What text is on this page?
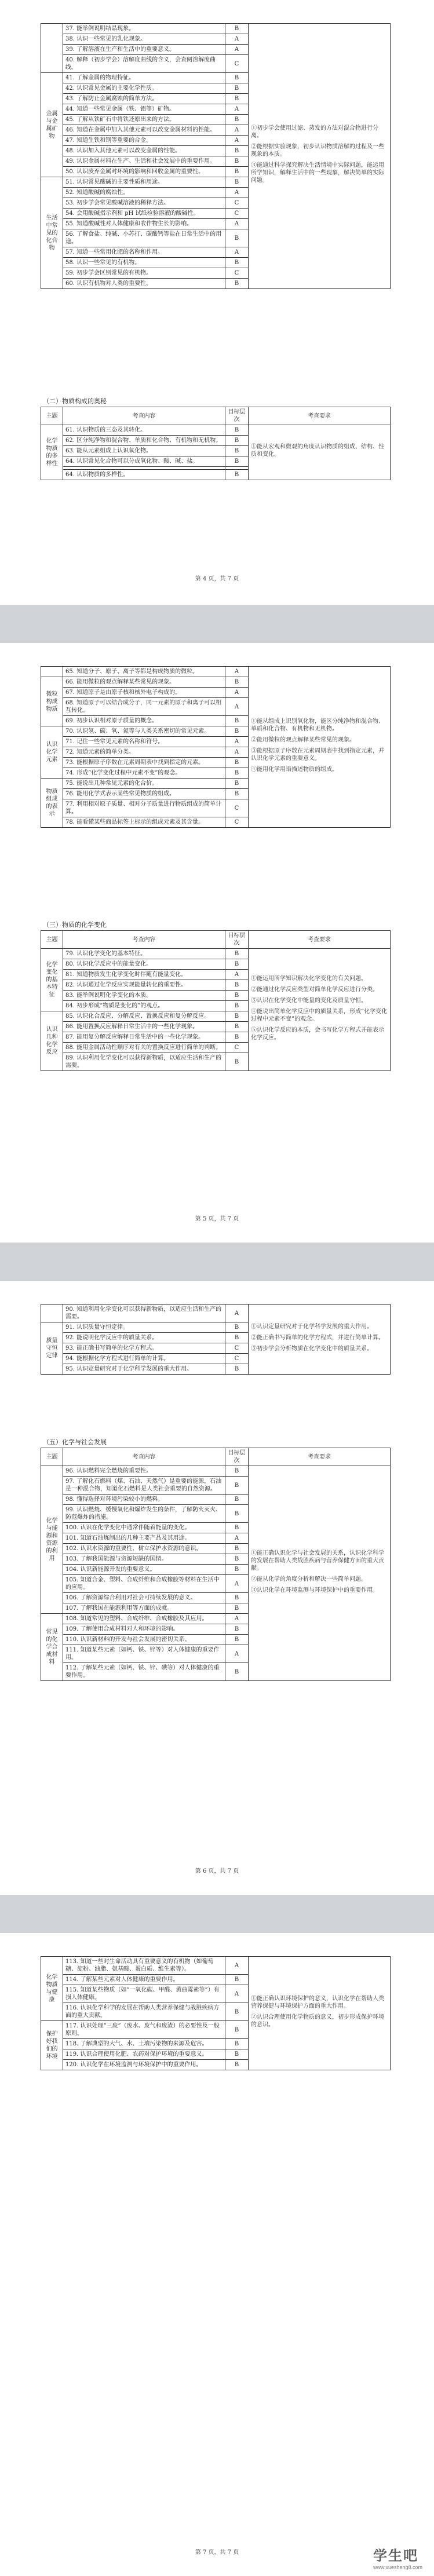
	37. 能举例说明结晶现象。	B	①初步学会使用过滤、蒸发的方法对混合物进行分离。
②能根据实验现象，初步认识物质溶解的过程及一些现象的本质。
③能通过科学探究解决生活情境中实际问题，能运用所学知识，解释生活中的一些现象，解决简单的实际问题。

	38. 认识一些常见的乳化现象。	A	
	39. 了解溶液在生产和生活中的重要意义。	A	
	40. 解释（初步学会）溶解度曲线的含义，会查阅溶解度曲线。	C	
金属与金属矿物	41. 了解金属的物理特征。	B	
	42. 认识常见金属的主要化学性质。	B	
	43. 了解防止金属腐蚀的简单方法。	B	
	44. 知道一些常见金属（铁、铝等）矿物。	A	
	45. 了解从铁矿石中将铁还原出来的方法。	B	
	46. 知道在金属中加入其他元素可以改变金属材料的性能。	A	
	47. 知道生铁和钢等重要的合金。	A	
	48. 认识加入其他元素可以改变金属的性能。	B	
	49. 认识金属材料在生产、生活和社会发展中的重要作用。	B	
	50. 认识废弃金属对环境的影响和回收金属的重要性。	B	
生活中常见的化合物	51. 认识常见酸碱的主要性质和用途。	B	
	52. 知道酸碱的腐蚀性。	A	
	53. 初步学会常见酸碱溶液的稀释方法。	C	
	54. 会用酸碱指示剂和 pH 试纸检验溶液的酸碱性。	C	
	55. 知道酸碱性对人体健康和农作物生长的影响。	A	
	56. 了解食盐、纯碱、小苏打、碳酸钙等盐在日常生活中的用途。	B	
	57. 知道一些常用化肥的名称和作用。	A	
	58. 认识一些常见的有机物。	B	
	59. 初步学会区别常见的有机物。	C	
	60. 认识有机物对人类的重要性。	B	
（二）物质构成的奥秘
主题	考查内容	目标层次	考查要求
化学物质的多样性	61. 认识物质的三态及其转化。	B	①能从宏观和微观的角度认识物质的组成、结构、性质和变化。

	62. 区分纯净物和混合物、单质和化合物、有机物和无机物。	B	
	63. 能从元素组成上认识氧化物。	B	
	64. 认识常见化合物可以分成氧化物、酸、碱、盐。	B	

	64. 认识物质的多样性。	B	
第 4 页，共 7 页
	65. 知道分子、原子、离子等都是构成物质的微粒。	A	①能从组成上识别氧化物，能区分纯净物和混合物、单质和化合物、有机物和无机物。
②能用微粒的观点解释某些常见的现象。
③能根据原子序数在元素周期表中找到指定元素，并认识化学元素的重要意义。
④能用化学用语描述物质的组成。

微粒构成物质	66. 能用微粒的观点解释某些常见的现象。	B	
	67. 知道原子是由原子核和核外电子构成的。	A	
	68. 知道原子可以结合成分子，同一元素的原子和离子可以相互转化。	A	
	69. 初步认识相对原子质量的概念。	B	
认识化学元素	70. 认识氢、碳、氧、氮等与人类关系密切的常见元素。	B	
	71. 记住一些常见元素的名称和符号。	A	
	72. 知道元素的简单分类。	A	
	73. 能根据原子序数在元素周期表中找到指定的元素。	B	
	74. 形成“化学变化过程中元素不变”的观念。	B	
物质组成的表示	75. 能说出几种常见元素的化合价。	B	
	76. 能用化学式表示某些常见物质的组成。	B	
	77. 利用相对原子质量、相对分子质量进行物质组成的简单计算。	C	
	78. 能看懂某些商品标签上标示的组成元素及其含量。	C	
（三）物质的化学变化
主题	考查内容	目标层次	考查要求
化学变化的基本特征	79. 认识化学变化的基本特征。	B	①能运用所学知识解决化学变化的有关问题。
②能通过化学反应类型对简单化学反应进行分类。
③认识在化学变化中能量的变化及质量守恒。
④能说出简单化学反应中的质量关系，形成“化学变化过程中元素不变”的观念。
⑤认识化学反应的本质，会书写化学方程式并能表示化学反应。

	80. 认识化学反应中的能量变化。	B	
	81. 知道物质发生化学变化时伴随有能量变化。	A	
	82. 认识通过化学反应实现能量转化的重要性。	B	
	83. 能举例说明化学变化的本质。	B	
	84. 初步形成“物质是变化的”的观点。	B	
认识几种化学反应	85. 认识化合反应、分解反应、置换反应和复分解反应。	B	
	86. 能用置换反应解释日常生活中的一些化学现象。	B	
	87. 能用复分解反应解释日常生活中的一些化学现象。	B	
	88. 能用金属活动性顺序对有关的置换反应进行简单的判断。	C	
	89. 认识利用化学变化可以获得新物质，以适应生活和生产的需要。	B	
第 5 页，共 7 页
	90. 知道利用化学变化可以获得新物质，以适应生活和生产的需要。	A	①认识定量研究对于化学科学发展的重大作用。
②能正确书写简单的化学方程式，并进行简单计算。
③初步学会分析物质在化学变化中的质量关系。

质量守恒定律	91. 认识质量守恒定律。	B	
	92. 能说明化学反应中的质量关系。	B	
	93. 能正确书写简单的化学方程式。	C	
	94. 能根据化学方程式进行简单的计算。	C	
	95. 认识定量研究对于化学科学发展的重大作用。	B	
（五）化学与社会发展
主题	考查内容	目标层次	考查要求
化学与能源和资源的利用	96. 认识燃料完全燃烧的重要性。	B	①能正确认识化学与社会发展的关系，认识化学科学的发展在帮助人类战胜疾病与营养保健方面的重大贡献。
②能从化学的角度分析和解决一些简单问题。
③认识化学在环境监测与环境保护中的重要作用。

	97. 了解化石燃料（煤、石油、天然气）是重要的能源，石油是一种混合物，知道化石燃料是人类社会重要的自然资源。	B	
	98. 懂得选择对环境污染较小的燃料。	B	
	99. 认识燃烧、缓慢氧化和爆炸发生的条件，了解防火灭火、防范爆炸的措施。	B	
	100. 认识在化学变化中通常伴随着能量的变化。	B	
	101. 知道石油炼制出的几种主要产品及其用途。	A	
	102. 认识水资源的重要性，树立保护水资源的意识。	B	
	103. 了解我国能源与资源短缺的国情。	B	
	104. 认识新能源开发的重要意义。	B	
	105. 知道合金、塑料、合成纤维和合成橡胶等材料在生活中的应用。	A	
	106. 了解资源综合利用对社会可持续发展的意义。	B	
	107. 了解我国在能源利用等方面的成就。	B	
常见的化学合成材料	108. 知道常见的塑料、合成纤维、合成橡胶及其应用。	A	
	109. 了解使用合成材料对人和环境的影响。	B	
	110. 认识新材料的开发与社会发展的密切关系。	B	
	111. 知道某些元素（如钙、铁、锌等）对人体健康的重要作用。	A	
	112. 了解某些元素（如钙、铁、锌、碘等）对人体健康的重要作用。	B	
第 6 页，共 7 页
化学物质与健康	113. 知道一些对生命活动具有重要意义的有机物（如葡萄糖、淀粉、油脂、氨基酸、蛋白质、维生素等）。	A	①能正确认识环境保护的意义，认识化学在帮助人类营养保健与环境保护方面的重大作用。
②认识合理使用化学物质的意义，初步形成保护环境的意识。

	114. 了解某些元素对人体健康的重要作用。	B	
	115. 知道某些物质（如“一氧化碳、甲醛、黄曲霉素等”）有损人体健康。	A	
	116. 认识化学科学的发展在帮助人类营养保健与战胜疾病方面的重大贡献。	B	
保护好我们的环境	117. 认识处理“三废”（废水、废气和废渣）的必要性及一般原则。	B	
	118. 了解典型的大气、水、土壤污染物的来源及危害。	B	
	119. 认识合理使用化肥、农药对保护环境的重要意义。	B	
	120. 认识化学在环境监测与环境保护中的重要作用。	B	
第 7 页，共 7 页	学生吧
www.xuesheng8.com
